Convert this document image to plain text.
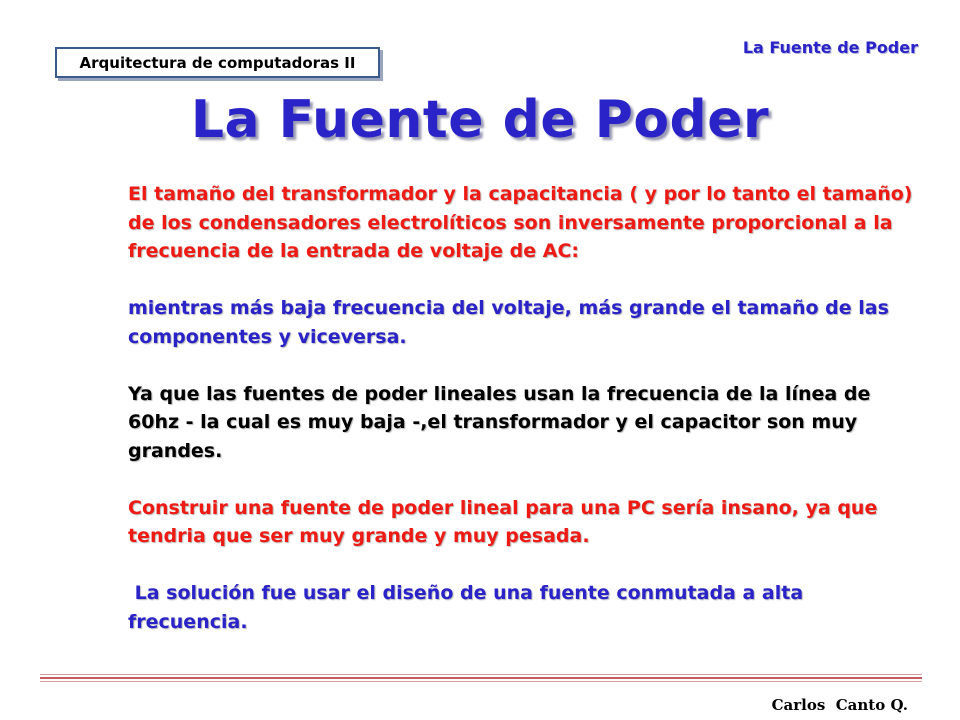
Arquitectura de computadoras II
La Fuente de Poder
La Fuente de Poder

El tamaño del transformador y la capacitancia ( y por lo tanto el tamaño) de los condensadores electrolíticos son inversamente proporcional a la frecuencia de la entrada de voltaje de AC:

mientras más baja frecuencia del voltaje, más grande el tamaño de las componentes y viceversa.

Ya que las fuentes de poder lineales usan la frecuencia de la línea de 60hz - la cual es muy baja -,el transformador y el capacitor son muy grandes.

Construir una fuente de poder lineal para una PC sería insano, ya que tendria que ser muy grande y muy pesada.

La solución fue usar el diseño de una fuente conmutada a alta frecuencia.

Carlos  Canto Q.
